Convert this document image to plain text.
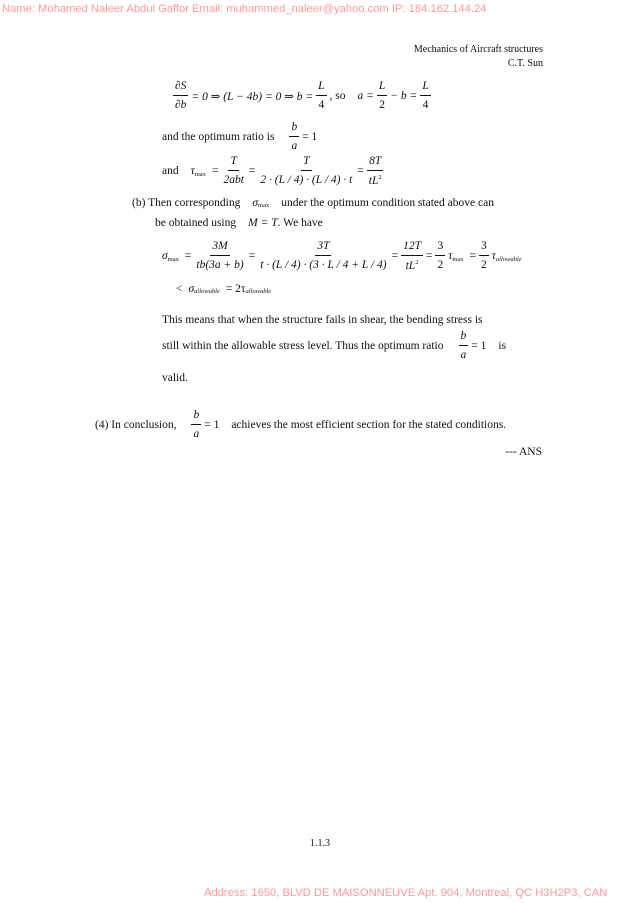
Name: Mohamed Naleer Abdul Gaffor Email: muhammed_naleer@yahoo.com IP: 184.162.144.24
Address: 1650, BLVD DE MAISONNEUVE Apt. 904, Montreal, QC H3H2P3, CAN
Mechanics of Aircraft structures
C.T. Sun
$\frac{\partial S}{\partial b} = 0$ ⇒ (L − 4b) = 0 ⇒ $b = \frac{L}{4}$ , so $a = \frac{L}{2} - b = \frac{L}{4}$
and the optimum ratio is $\frac{b}{a} = 1$
and τ $\max = \frac{T}{\text{2abt}} = \frac{T}{2 \cdot (L / 4) \cdot (L / 4) \cdot t} = \frac{8T}{tL^2}$
(b) Then corresponding σ max under the optimum condition stated above can
be obtained using M = T . We have
σ $\max = \frac{3M}{tb(3a + b)} = \frac{3T}{t \cdot (L / 4) \cdot (3 \cdot L / 4 + L / 4)} = \frac{12T}{tL^2} = \frac{3}{2}$ τ $\max = \frac{3}{2}$ τ allowable
< σ allowable = 2τ allowable
This means that when the structure fails in shear, the bending stress is
still within the allowable stress level. Thus the optimum ratio $\frac{b}{a} = 1$ is
valid.
(4) In conclusion, $\frac{b}{a} = 1$ achieves the most efficient section for the stated conditions.
--- ANS
1.1.3
